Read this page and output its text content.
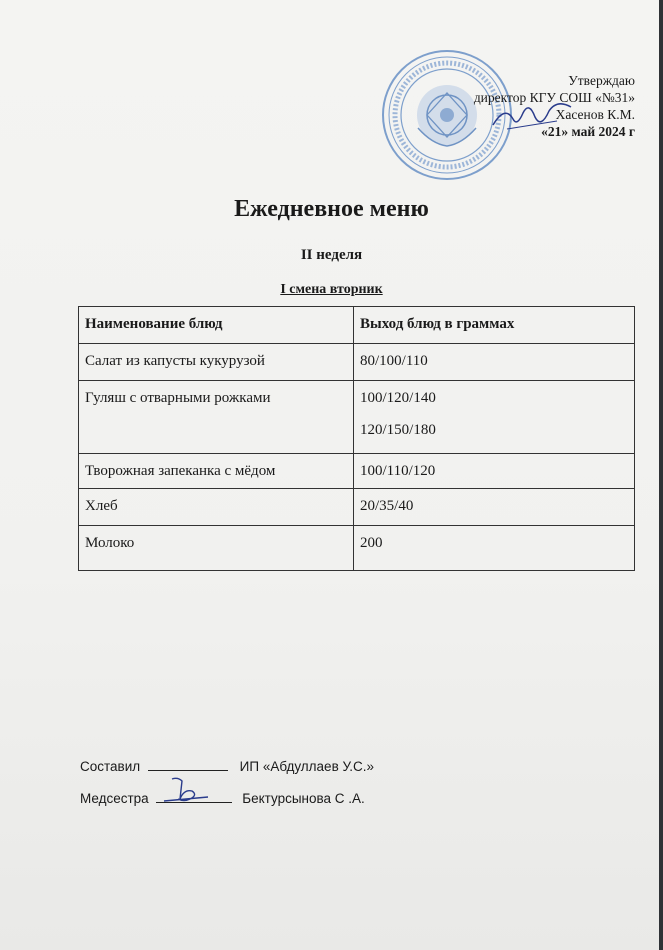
Утверждаю
директор КГУ СОШ «№31»
Хасенов К.М.
«21» май 2024 г
Ежедневное меню
II неделя
I смена вторник
Наименование блюд	Выход блюд в граммах
Салат из капусты кукурузой	80/100/110
Гуляш с отварными рожками	100/120/140
120/150/180

Творожная запеканка с мёдом	100/110/120
Хлеб	20/35/40
Молоко	200
Составил	ИП «Абдуллаев У.С.»
Медсестра	Бектурсынова С .А.
